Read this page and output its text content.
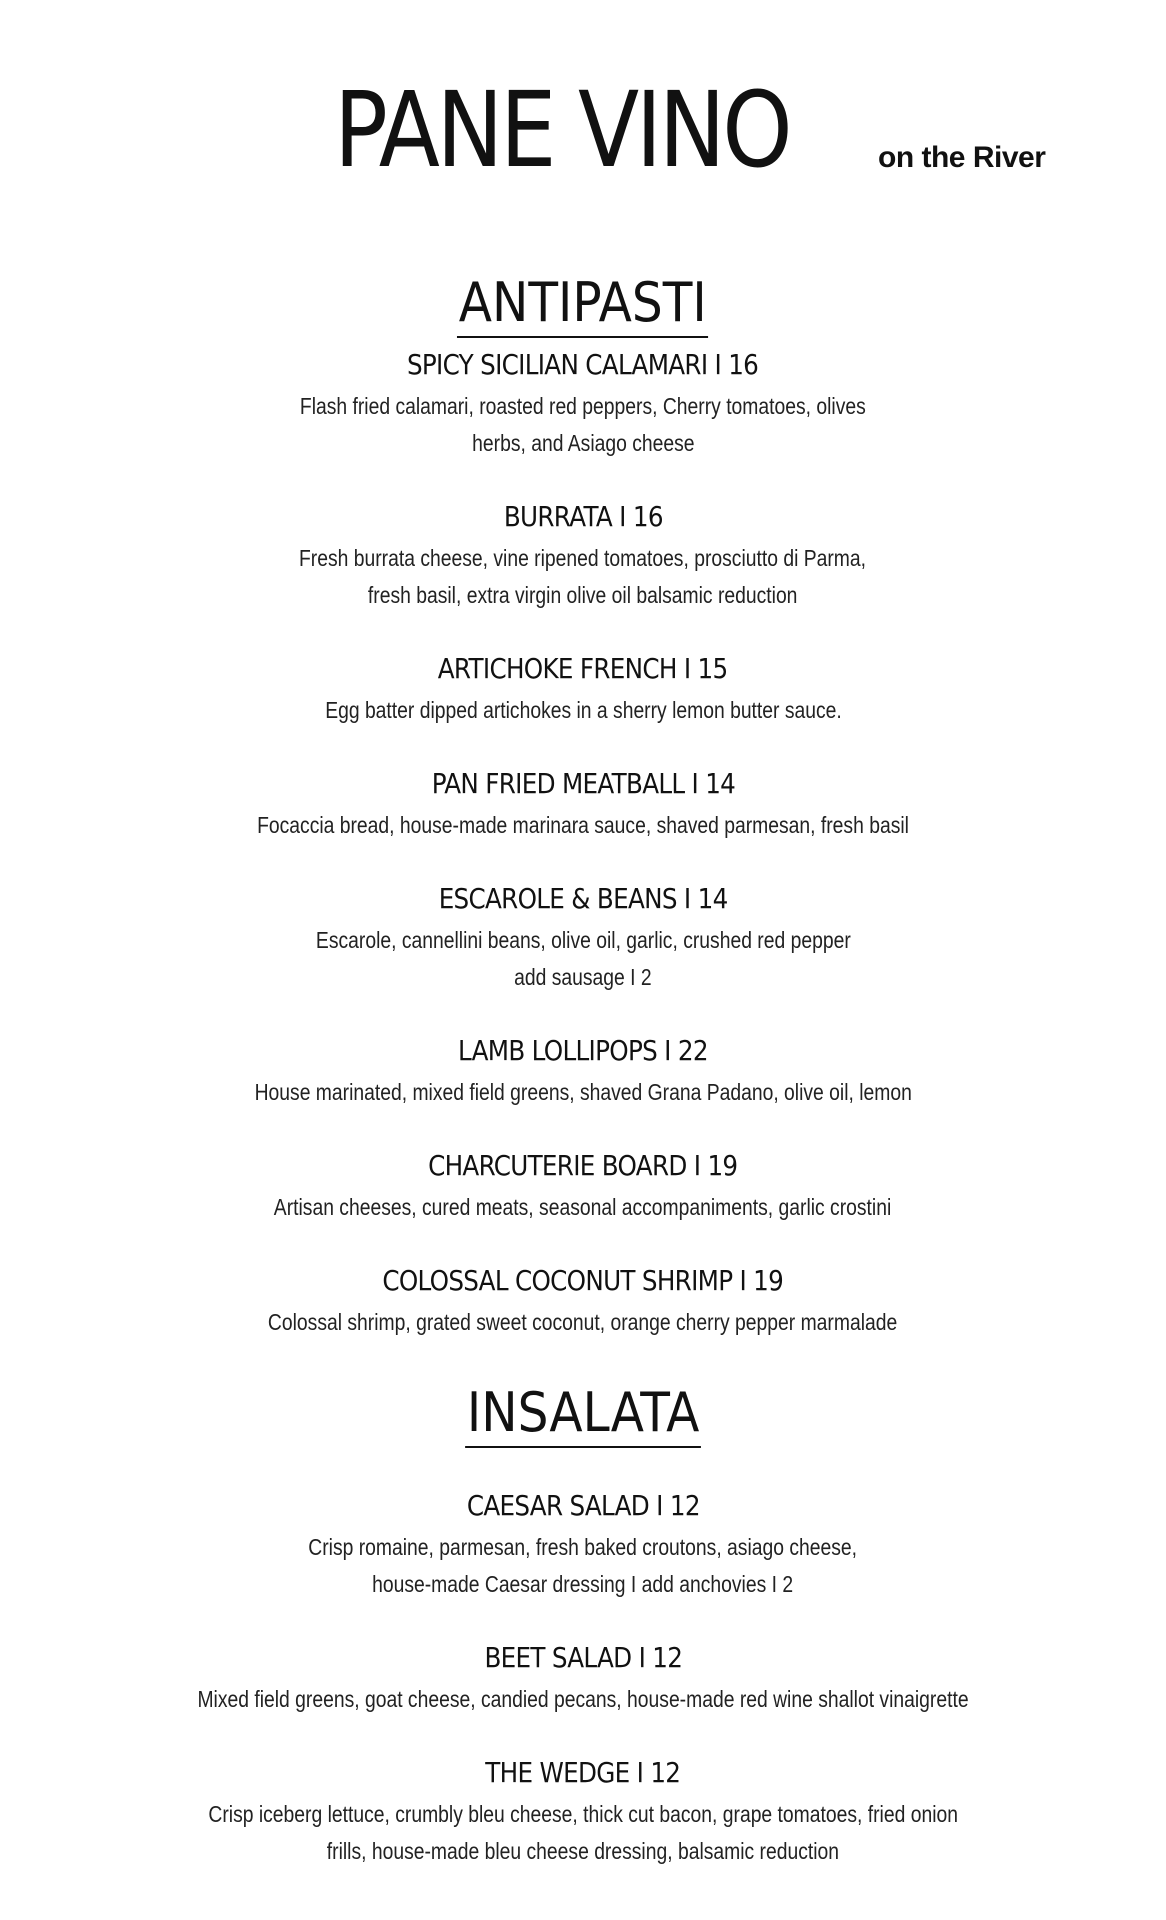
PANE VINO	on the River
ANTIPASTI
SPICY SICILIAN CALAMARI I 16
Flash fried calamari, roasted red peppers, Cherry tomatoes, olives
herbs, and Asiago cheese
BURRATA I 16
Fresh burrata cheese, vine ripened tomatoes, prosciutto di Parma,
fresh basil, extra virgin olive oil balsamic reduction
ARTICHOKE FRENCH I 15
Egg batter dipped artichokes in a sherry lemon butter sauce.
PAN FRIED MEATBALL I 14
Focaccia bread, house-made marinara sauce, shaved parmesan, fresh basil
ESCAROLE & BEANS I 14
Escarole, cannellini beans, olive oil, garlic, crushed red pepper
add sausage I 2
LAMB LOLLIPOPS I 22
House marinated, mixed field greens, shaved Grana Padano, olive oil, lemon
CHARCUTERIE BOARD I 19
Artisan cheeses, cured meats, seasonal accompaniments, garlic crostini
COLOSSAL COCONUT SHRIMP I 19
Colossal shrimp, grated sweet coconut, orange cherry pepper marmalade
INSALATA
CAESAR SALAD I 12
Crisp romaine, parmesan, fresh baked croutons, asiago cheese,
house-made Caesar dressing I add anchovies I 2
BEET SALAD I 12
Mixed field greens, goat cheese, candied pecans, house-made red wine shallot vinaigrette
THE WEDGE I 12
Crisp iceberg lettuce, crumbly bleu cheese, thick cut bacon, grape tomatoes, fried onion
frills, house-made bleu cheese dressing, balsamic reduction
